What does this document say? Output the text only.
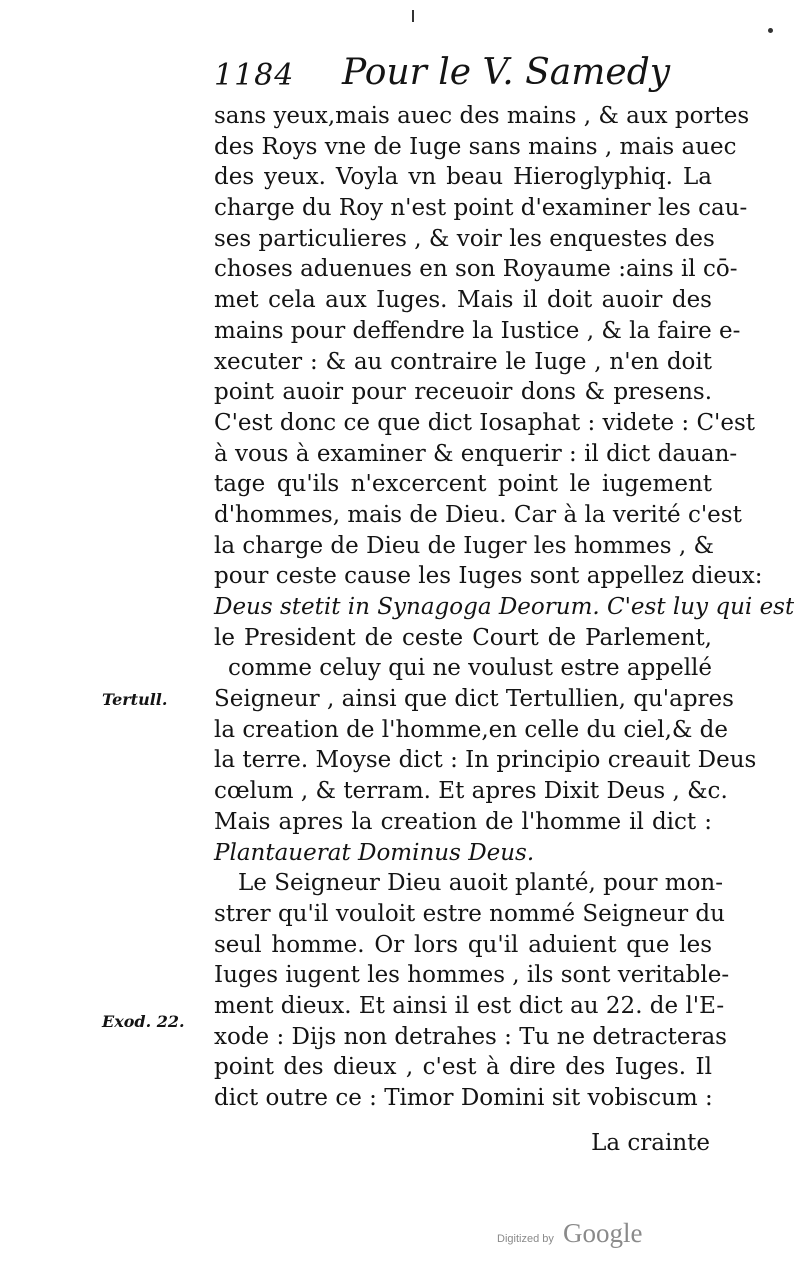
1184 Pour le V. Samedy
sans yeux,mais auec des mains , & aux portes
des Roys vne de Iuge sans mains , mais auec
des yeux. Voyla vn beau Hieroglyphiq. La
charge du Roy n'est point d'examiner les cau-
ses particulieres , & voir les enquestes des
choses aduenues en son Royaume :ains il cō-
met cela aux Iuges. Mais il doit auoir des
mains pour deffendre la Iustice , & la faire e-
xecuter : & au contraire le Iuge , n'en doit
point auoir pour receuoir dons & presens.
C'est donc ce que dict Iosaphat : videte : C'est
à vous à examiner & enquerir : il dict dauan-
tage qu'ils n'excercent point le iugement
d'hommes, mais de Dieu. Car à la verité c'est
la charge de Dieu de Iuger les hommes , &
pour ceste cause les Iuges sont appellez dieux:
Deus stetit in Synagoga Deorum. C'est luy qui est
le President de ceste Court de Parlement,
comme celuy qui ne voulust estre appellé
Seigneur , ainsi que dict Tertullien, qu'apres
la creation de l'homme,en celle du ciel,& de
la terre. Moyse dict : In principio creauit Deus
cœlum , & terram. Et apres Dixit Deus , &c.
Mais apres la creation de l'homme il dict :
Plantauerat Dominus Deus.
Le Seigneur Dieu auoit planté, pour mon-
strer qu'il vouloit estre nommé Seigneur du
seul homme. Or lors qu'il aduient que les
Iuges iugent les hommes , ils sont veritable-
ment dieux. Et ainsi il est dict au 22. de l'E-
xode : Dijs non detrahes : Tu ne detracteras
point des dieux , c'est à dire des Iuges. Il
dict outre ce : Timor Domini sit vobiscum :
Tertull.
Exod. 22.
La crainte
Digitized by Google
